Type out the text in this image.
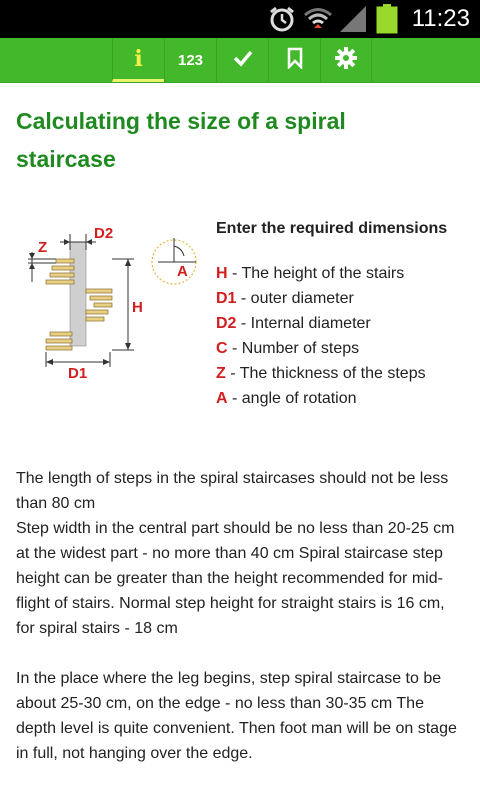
11:23
i 123
Calculating the size of a spiral staircase
Z
D2
H
D1
A
Enter the required dimensions
H - The height of the stairs
D1 - outer diameter
D2 - Internal diameter
C - Number of steps
Z - The thickness of the steps
A - angle of rotation

The length of steps in the spiral staircases should not be less than 80 cm
Step width in the central part should be no less than 20-25 cm at the widest part - no more than 40 cm Spiral staircase step height can be greater than the height recommended for mid-flight of stairs. Normal step height for straight stairs is 16 cm, for spiral stairs - 18 cm

In the place where the leg begins, step spiral staircase to be about 25-30 cm, on the edge - no less than 30-35 cm The depth level is quite convenient. Then foot man will be on stage in full, not hanging over the edge.
